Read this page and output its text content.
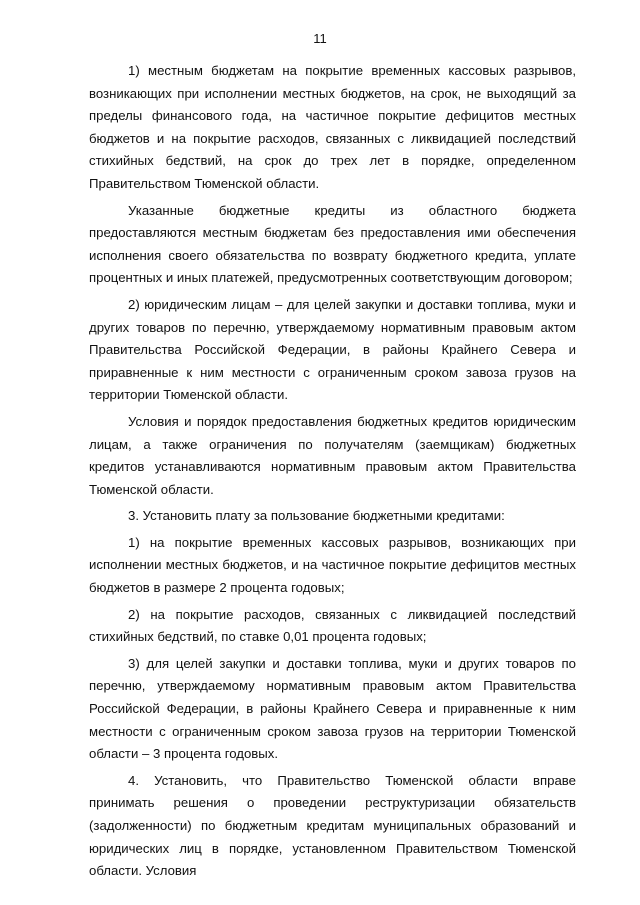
11

1) местным бюджетам на покрытие временных кассовых разрывов, возникающих при исполнении местных бюджетов, на срок, не выходящий за пределы финансового года, на частичное покрытие дефицитов местных бюджетов и на покрытие расходов, связанных с ликвидацией последствий стихийных бедствий, на срок до трех лет в порядке, определенном Правительством Тюменской области.

Указанные бюджетные кредиты из областного бюджета предоставляются местным бюджетам без предоставления ими обеспечения исполнения своего обязательства по возврату бюджетного кредита, уплате процентных и иных платежей, предусмотренных соответствующим договором;

2) юридическим лицам – для целей закупки и доставки топлива, муки и других товаров по перечню, утверждаемому нормативным правовым актом Правительства Российской Федерации, в районы Крайнего Севера и приравненные к ним местности с ограниченным сроком завоза грузов на территории Тюменской области.

Условия и порядок предоставления бюджетных кредитов юридическим лицам, а также ограничения по получателям (заемщикам) бюджетных кредитов устанавливаются нормативным правовым актом Правительства Тюменской области.

3. Установить плату за пользование бюджетными кредитами:

1) на покрытие временных кассовых разрывов, возникающих при исполнении местных бюджетов, и на частичное покрытие дефицитов местных бюджетов в размере 2 процента годовых;

2) на покрытие расходов, связанных с ликвидацией последствий стихийных бедствий, по ставке 0,01 процента годовых;

3) для целей закупки и доставки топлива, муки и других товаров по перечню, утверждаемому нормативным правовым актом Правительства Российской Федерации, в районы Крайнего Севера и приравненные к ним местности с ограниченным сроком завоза грузов на территории Тюменской области – 3 процента годовых.

4. Установить, что Правительство Тюменской области вправе принимать решения о проведении реструктуризации обязательств (задолженности) по бюджетным кредитам муниципальных образований и юридических лиц в порядке, установленном Правительством Тюменской области. Условия
